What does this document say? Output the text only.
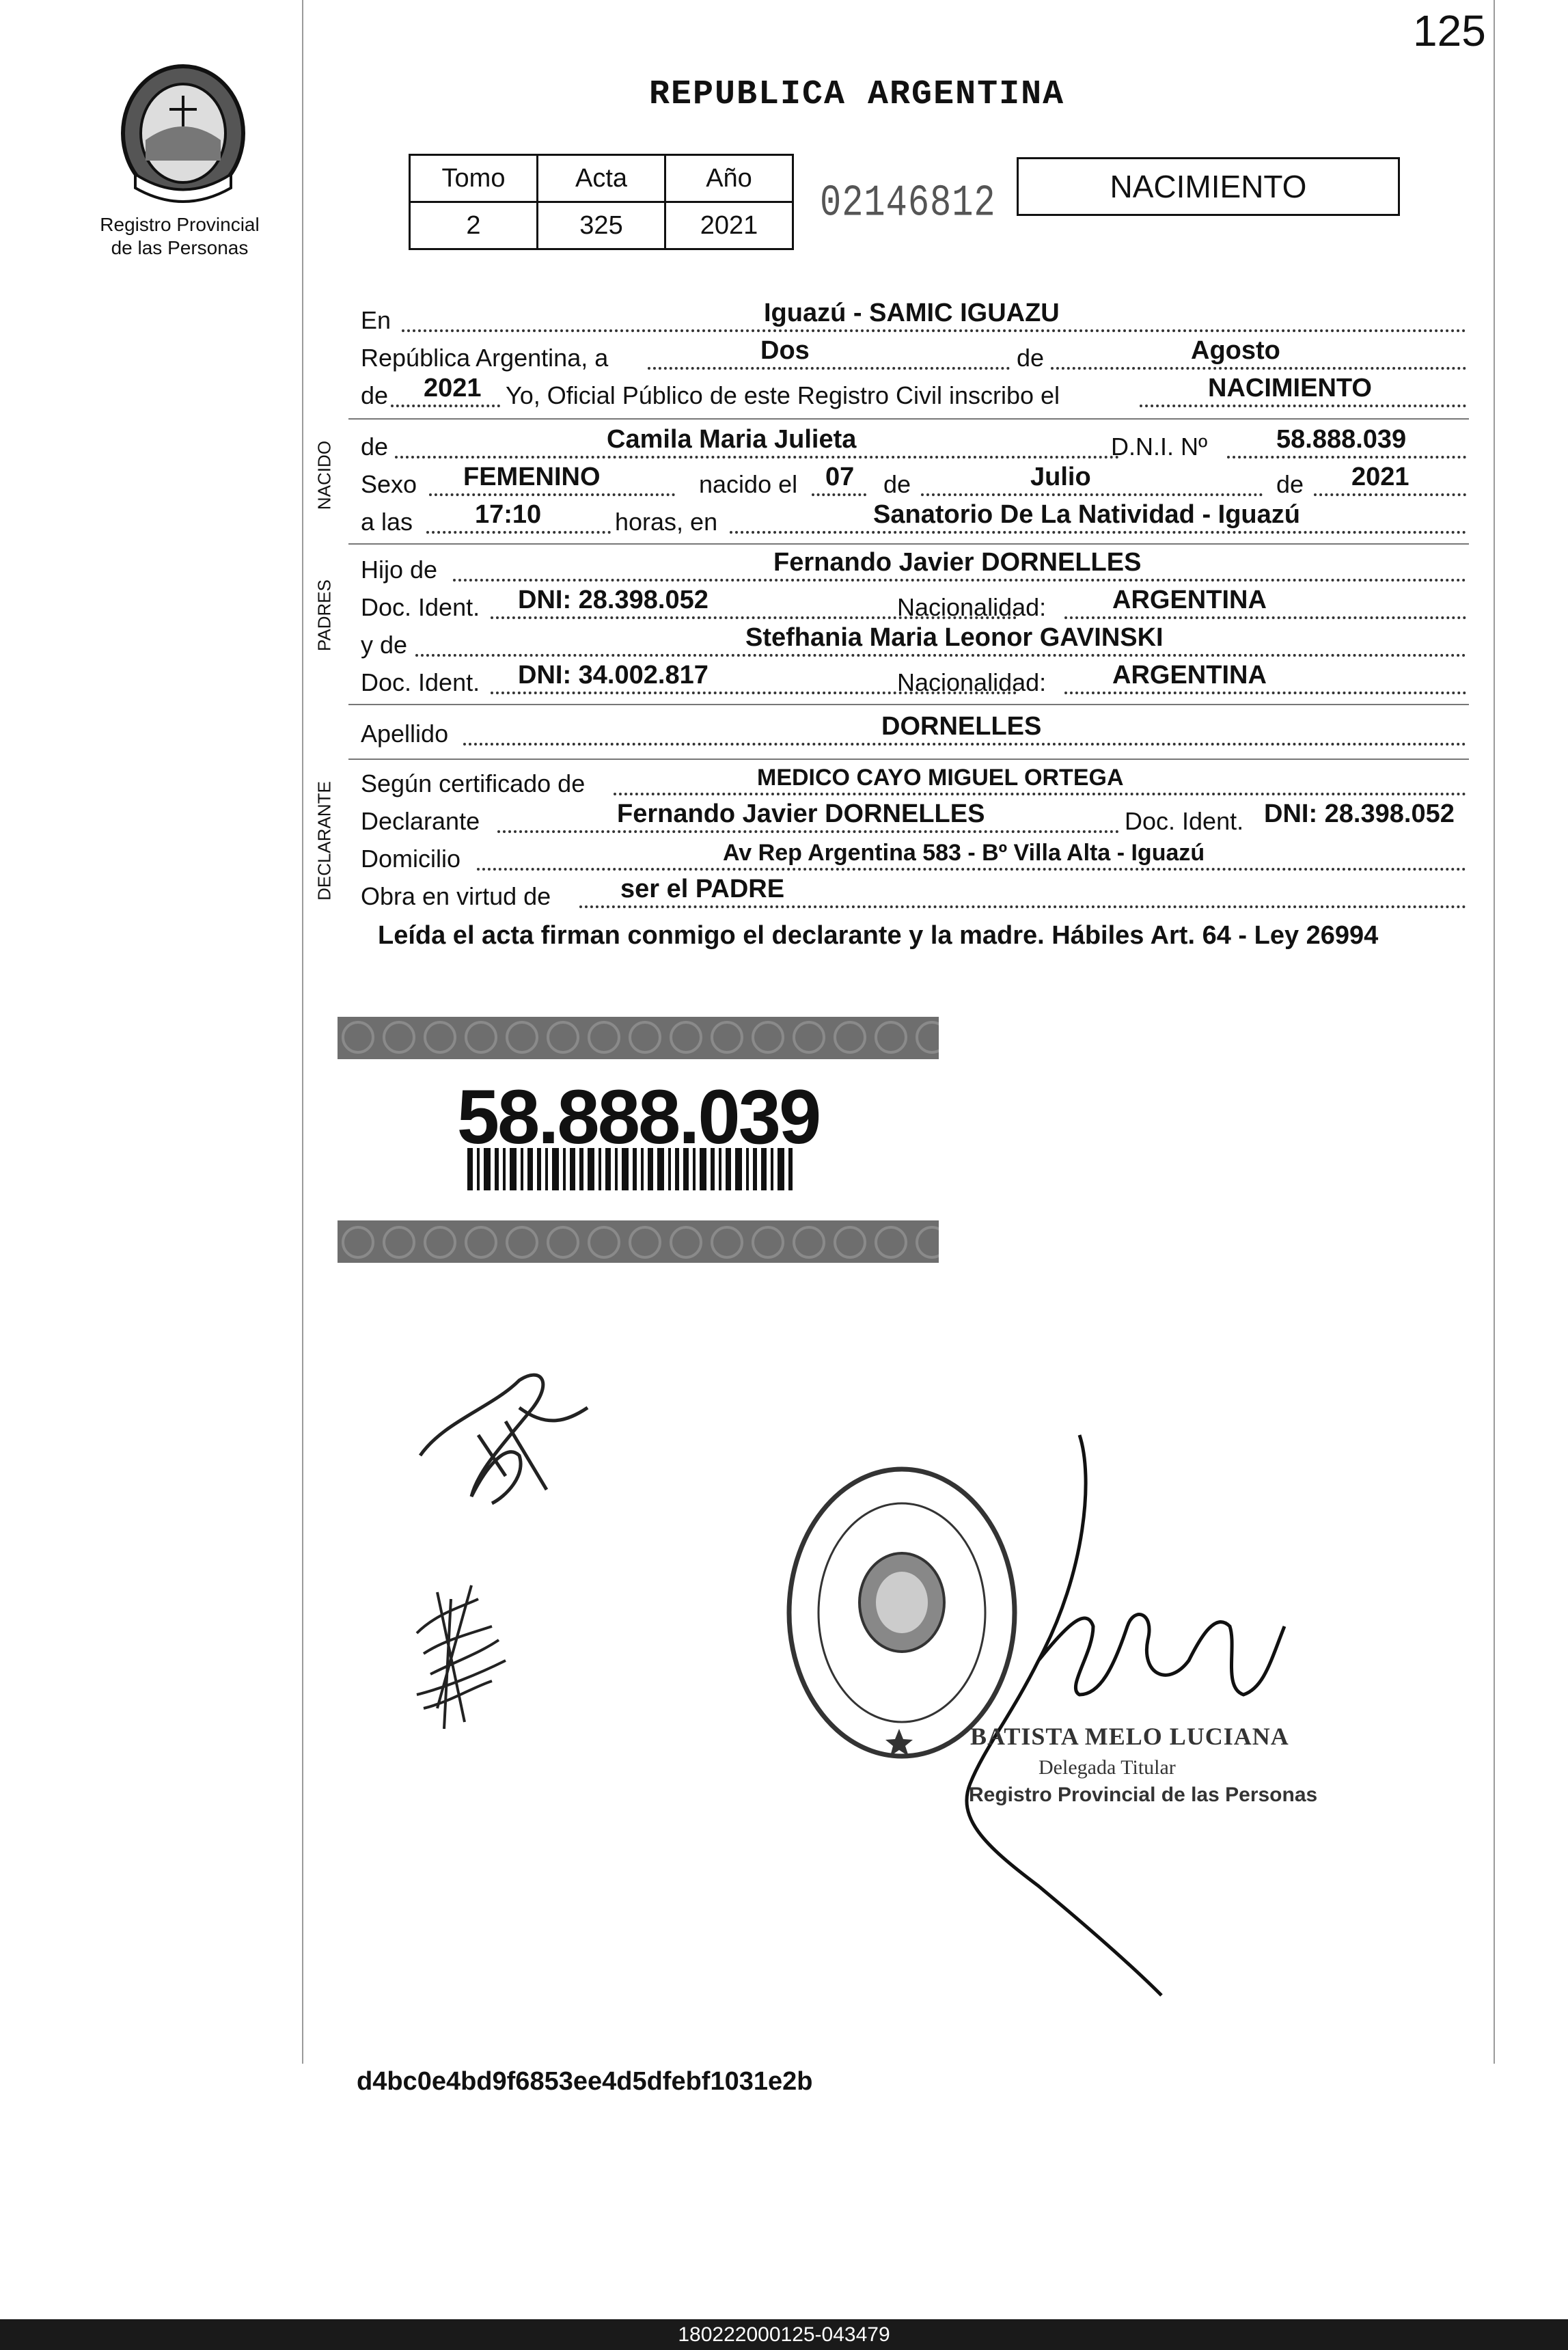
125
REPUBLICA ARGENTINA
Registro Provincial
de las Personas
Tomo	Acta	Año
2	325	2021 02146812	NACIMIENTO
En	Iguazú - SAMIC IGUAZU
República Argentina, a	Dos	de	Agosto
de 2021 Yo, Oficial Público de este Registro Civil inscribo el	NACIMIENTO
NACIDO de	Camila Maria Julieta	D.N.I. Nº	58.888.039
Sexo FEMENINO	nacido el 07 de	Julio	de 2021
a las 17:10	horas, en	Sanatorio De La Natividad - Iguazú
PADRES
Hijo de	Fernando Javier DORNELLES
Doc. Ident. DNI: 28.398.052	Nacionalidad:	ARGENTINA
y de	Stefhania Maria Leonor GAVINSKI
Doc. Ident. DNI: 34.002.817	Nacionalidad:	ARGENTINA
Apellido	DORNELLES
DECLARANTE Según certificado de	MEDICO CAYO MIGUEL ORTEGA
Declarante	Fernando Javier DORNELLES	Doc. Ident. DNI: 28.398.052
Domicilio	Av Rep Argentina 583 - Bº Villa Alta - Iguazú
Obra en virtud de	ser el PADRE
Leída el acta firman conmigo el declarante y la madre. Hábiles Art. 64 - Ley 26994
58.888.039
BATISTA MELO LUCIANA
Delegada Titular
Registro Provincial de las Personas
d4bc0e4bd9f6853ee4d5dfebf1031e2b
180222000125-043479
